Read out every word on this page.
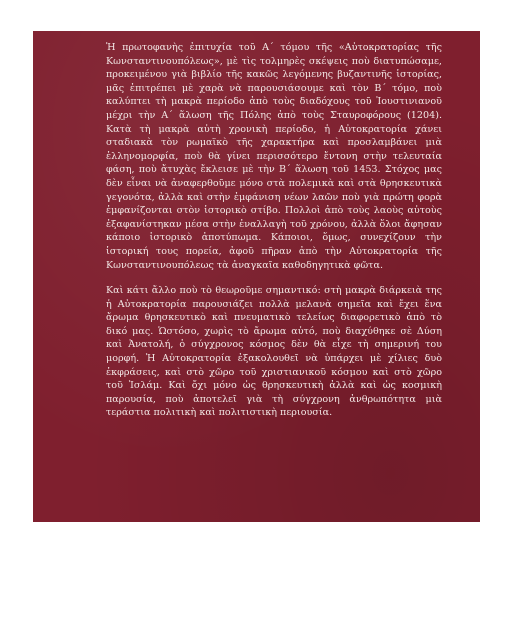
Ἡ πρωτοφανὴς ἐπιτυχία τοῦ Α΄ τόμου τῆς «Αὐτοκρατορίας τῆς Κωνσταντινουπόλεως», μὲ τὶς τολμηρὲς σκέψεις ποὺ διατυπώσαμε, προκειμένου γιὰ βιβλίο τῆς κακῶς λεγόμενης βυζαντινῆς ἱστορίας, μᾶς ἐπιτρέπει μὲ χαρὰ νὰ παρουσιάσουμε καὶ τὸν Β΄ τόμο, ποὺ καλύπτει τὴ μακρὰ περίοδο ἀπὸ τοὺς διαδόχους τοῦ Ἰουστινιανοῦ μέχρι τὴν Α΄ ἅλωση τῆς Πόλης ἀπὸ τοὺς Σταυροφόρους (1204). Κατὰ τὴ μακρὰ αὐτὴ χρονικὴ περίοδο, ἡ Αὐτοκρατορία χάνει σταδιακὰ τὸν ρωμαϊκὸ τῆς χαρακτήρα καὶ προσλαμβάνει μιὰ ἑλληνομορφία, ποὺ θὰ γίνει περισσότερο ἔντονη στὴν τελευταία φάση, ποὺ ἄτυχὰς ἔκλεισε μὲ τὴν Β΄ ἅλωση τοῦ 1453. Στόχος μας δὲν εἶναι νὰ ἀναφερθοῦμε μόνο στὰ πολεμικὰ καὶ στὰ θρησκευτικὰ γεγονότα, ἀλλὰ καὶ στὴν ἐμφάνιση νέων λαῶν ποὺ γιὰ πρώτη φορὰ ἐμφανίζονται στὸν ἱστορικὸ στίβο. Πολλοὶ ἀπὸ τοὺς λαοὺς αὐτοὺς ἐξαφανίστηκαν μέσα στὴν ἐναλλαγὴ τοῦ χρόνου, ἀλλὰ ὅλοι ἄφησαν κάποιο ἱστορικὸ ἀποτύπωμα. Κάποιοι, ὅμως, συνεχίζουν τὴν ἱστορική τους πορεία, ἀφοῦ πῆραν ἀπὸ τὴν Αὐτοκρατορία τῆς Κωνσταντινουπόλεως τὰ ἀναγκαῖα καθοδηγητικὰ φῶτα.

Καὶ κάτι ἄλλο ποὺ τὸ θεωροῦμε σημαντικό: στὴ μακρὰ διάρκειὰ της ἡ Αὐτοκρατορία παρουσιάζει πολλὰ μελανὰ σημεῖα καὶ ἔχει ἕνα ἄρωμα θρησκευτικὸ καὶ πνευματικὸ τελείως διαφορετικὸ ἀπὸ τὸ δικό μας. Ὡστόσο, χωρὶς τὸ ἄρωμα αὐτό, ποὺ διαχύθηκε σὲ Δύση καὶ Ἀνατολή, ὁ σύγχρονος κόσμος δὲν θὰ εἶχε τὴ σημερινή του μορφή. Ἡ Αὐτοκρατορία ἐξακολουθεῖ νὰ ὑπάρχει μὲ χίλιες δυὸ ἐκφράσεις, καὶ στὸ χῶρο τοῦ χριστιανικοῦ κόσμου καὶ στὸ χῶρο τοῦ Ἰσλάμ. Καὶ ὄχι μόνο ὡς θρησκευτικὴ ἀλλὰ καὶ ὡς κοσμικὴ παρουσία, ποὺ ἀποτελεῖ γιὰ τὴ σύγχρονη ἀνθρωπότητα μιὰ τεράστια πολιτικὴ καὶ πολιτιστικὴ περιουσία.
